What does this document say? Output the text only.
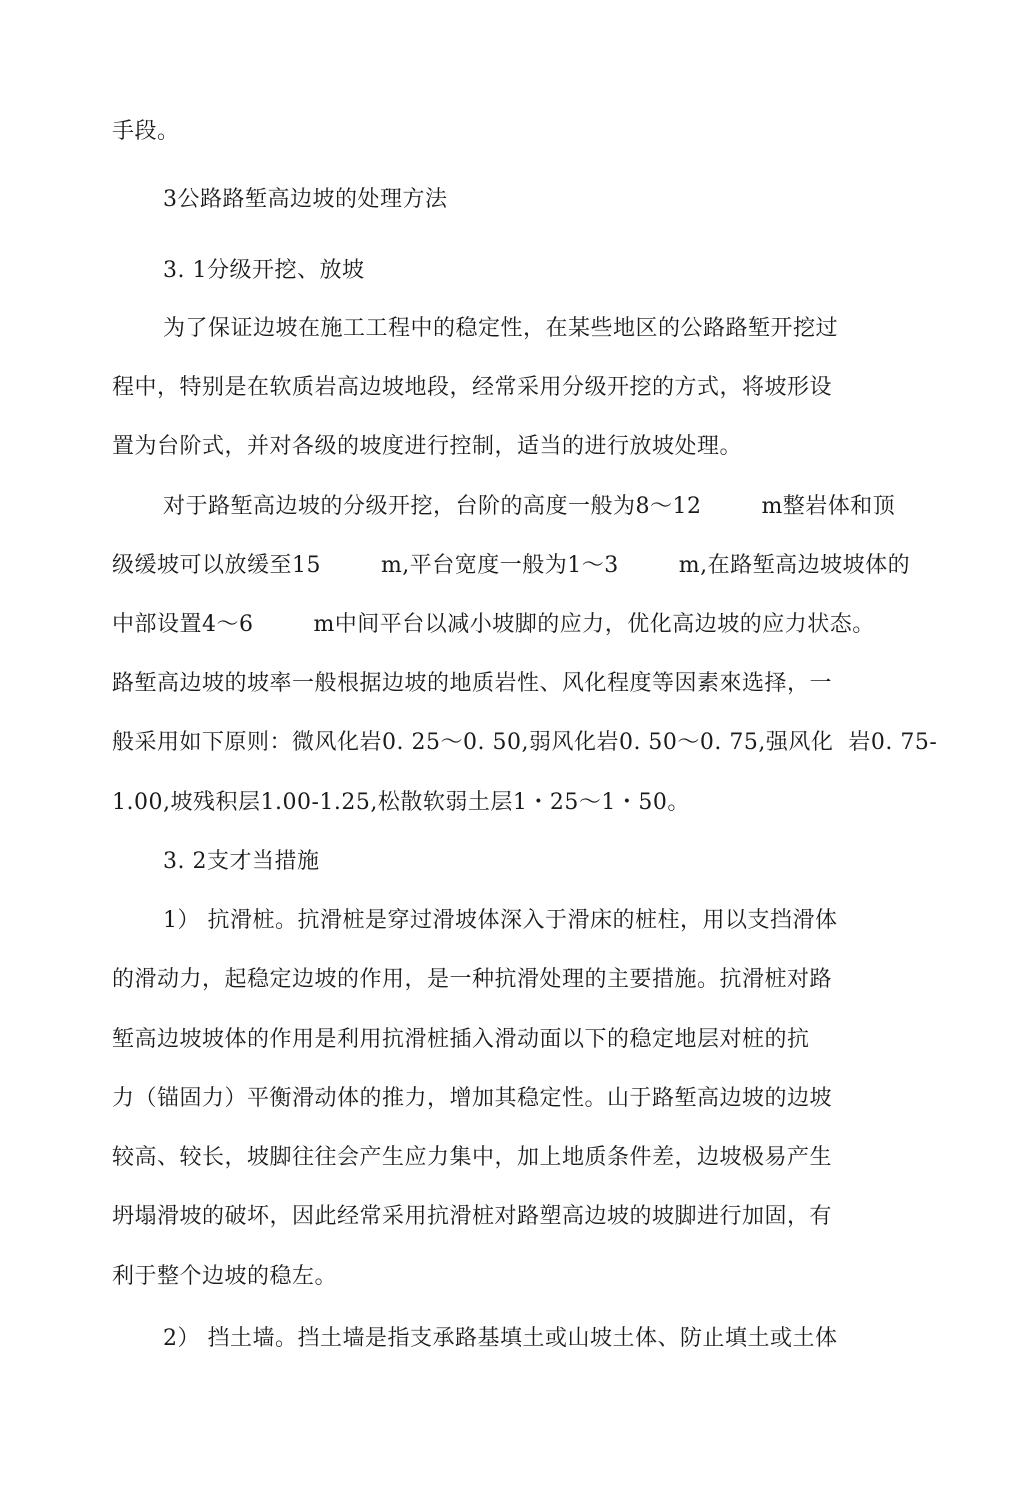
手段。
3公路路堑高边坡的处理方法
3. 1分级开挖、放坡
为了保证边坡在施工工程中的稳定性，在某些地区的公路路堑开挖过
程中，特别是在软质岩高边坡地段，经常采用分级开挖的方式，将坡形设
置为台阶式，并对各级的坡度进行控制，适当的进行放坡处理。
对于路堑高边坡的分级开挖，台阶的高度一般为8～12        m整岩体和顶
级缓坡可以放缓至15        m,平台宽度一般为1～3        m,在路堑高边坡坡体的
中部设置4～6        m中间平台以减小坡脚的应力，优化高边坡的应力状态。
路堑高边坡的坡率一般根据边坡的地质岩性、风化程度等因素來选择，一
般采用如下原则：微风化岩0. 25～0. 50,弱风化岩0. 50～0. 75,强风化  岩0. 75-
1.00,坡残积层1.00-1.25,松散软弱土层1・25～1・50。
3. 2支才当措施
1） 抗滑桩。抗滑桩是穿过滑坡体深入于滑床的桩柱，用以支挡滑体
的滑动力，起稳定边坡的作用，是一种抗滑处理的主要措施。抗滑桩对路
堑高边坡坡体的作用是利用抗滑桩插入滑动面以下的稳定地层对桩的抗
力（锚固力）平衡滑动体的推力，增加其稳定性。山于路堑高边坡的边坡
较高、较长，坡脚往往会产生应力集中，加上地质条件差，边坡极易产生
坍塌滑坡的破坏，因此经常采用抗滑桩对路塑高边坡的坡脚进行加固，有
利于整个边坡的稳左。
2） 挡土墙。挡土墙是指支承路基填土或山坡土体、防止填土或土体
